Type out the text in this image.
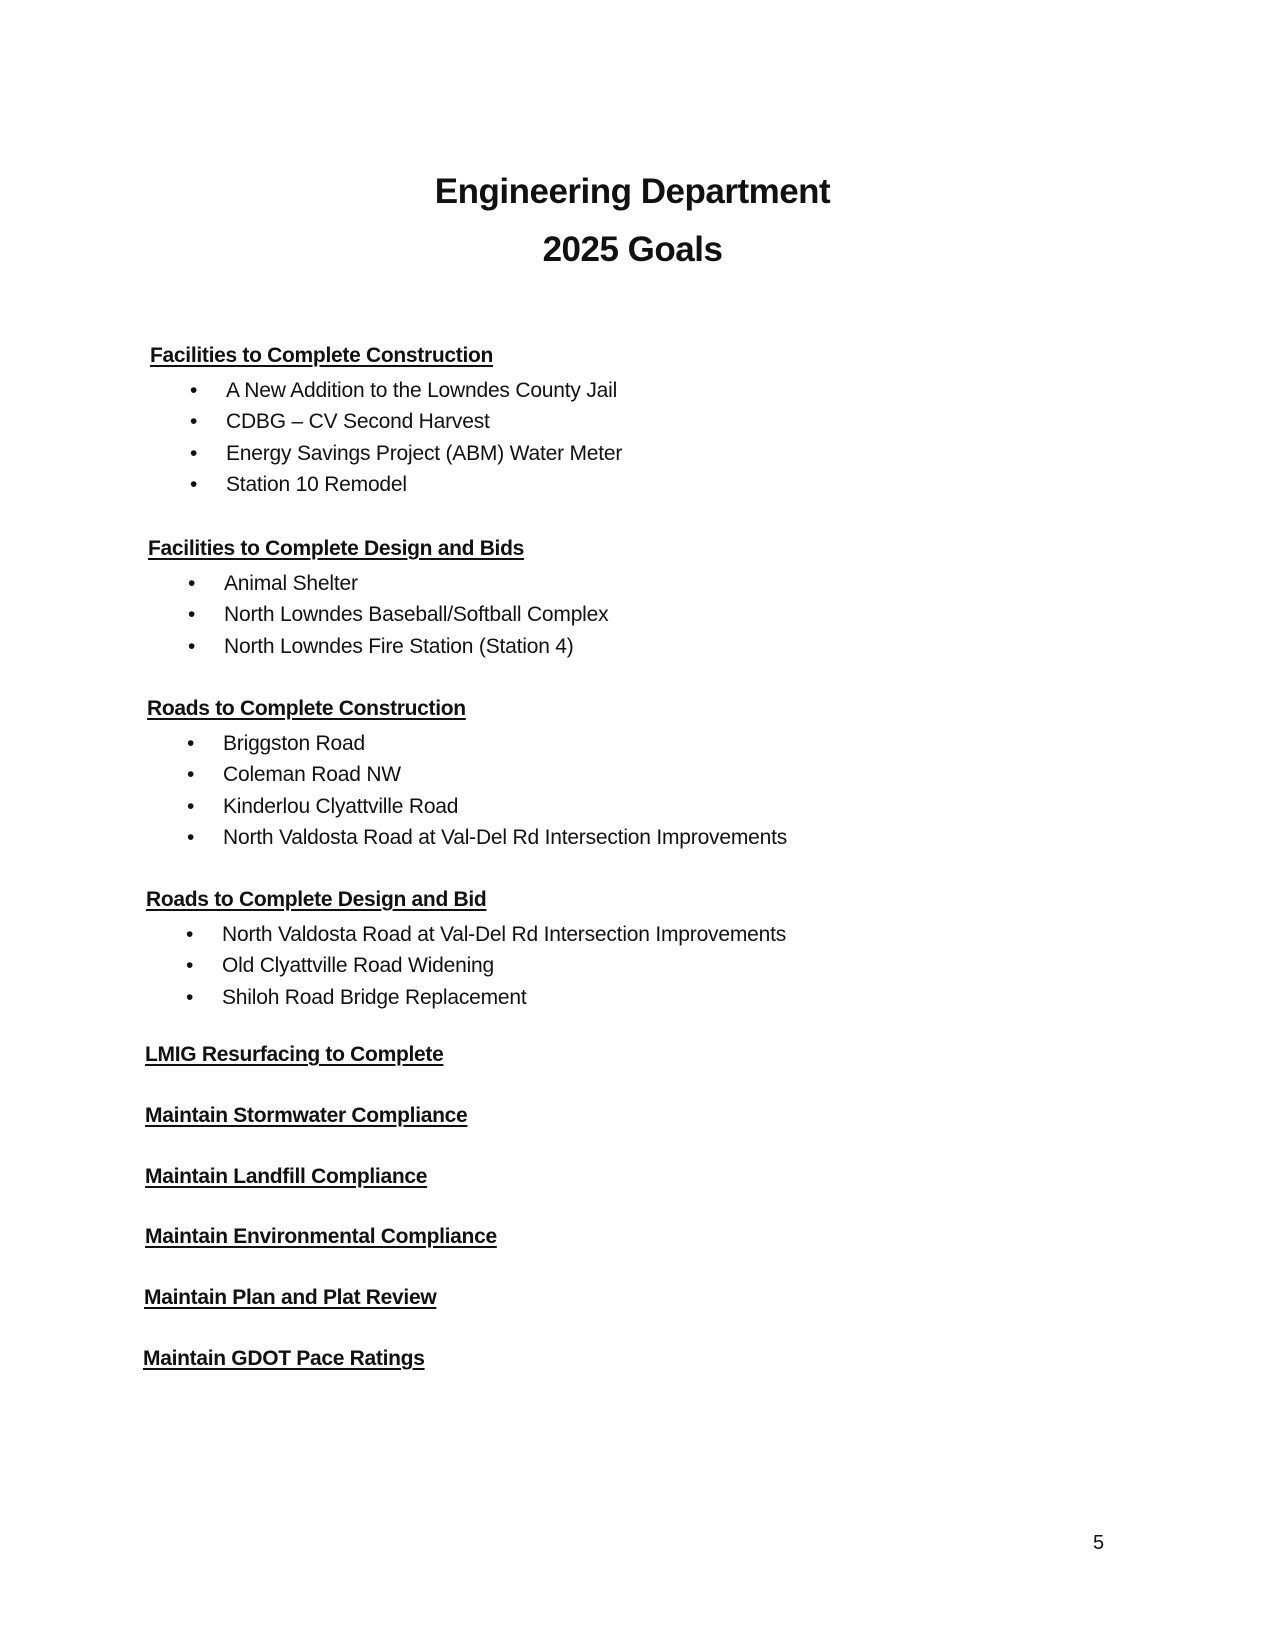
Engineering Department
2025 Goals
Facilities to Complete Construction
• A New Addition to the Lowndes County Jail
• CDBG – CV Second Harvest
• Energy Savings Project (ABM) Water Meter
• Station 10 Remodel
Facilities to Complete Design and Bids
• Animal Shelter
• North Lowndes Baseball/Softball Complex
• North Lowndes Fire Station (Station 4)
Roads to Complete Construction
• Briggston Road
• Coleman Road NW
• Kinderlou Clyattville Road
• North Valdosta Road at Val-Del Rd Intersection Improvements
Roads to Complete Design and Bid
• North Valdosta Road at Val-Del Rd Intersection Improvements
• Old Clyattville Road Widening
• Shiloh Road Bridge Replacement
LMIG Resurfacing to Complete
Maintain Stormwater Compliance
Maintain Landfill Compliance
Maintain Environmental Compliance
Maintain Plan and Plat Review
Maintain GDOT Pace Ratings
5
